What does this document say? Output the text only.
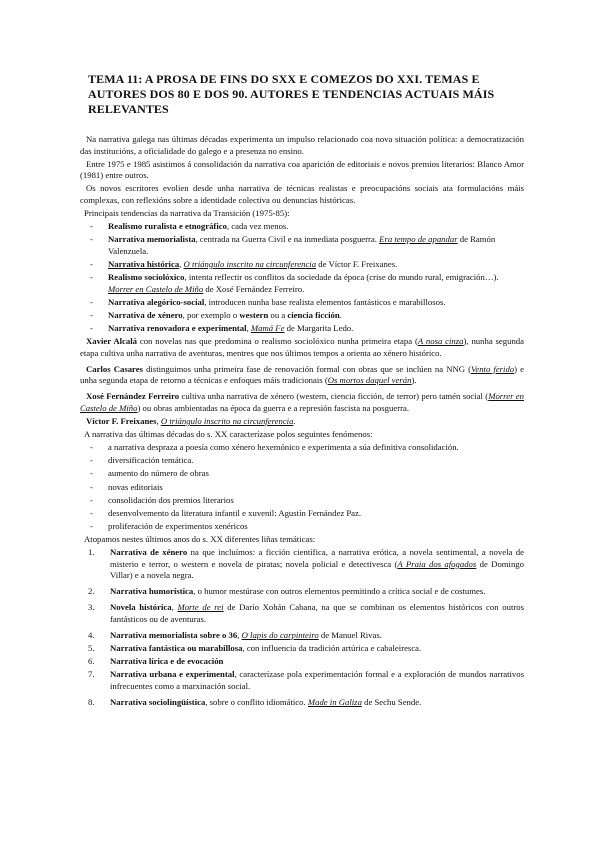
TEMA 11: A PROSA DE FINS DO SXX E COMEZOS DO XXI. TEMAS E AUTORES DOS 80 E DOS 90. AUTORES E TENDENCIAS ACTUAIS MÁIS RELEVANTES

Na narrativa galega nas últimas décadas experimenta un impulso relacionado coa nova situación política: a democratización das institucións, a oficialidade do galego e a presenza no ensino.

Entre 1975 e 1985 asistimos á consolidación da narrativa coa aparición de editoriais e novos premios literarios: Blanco Amor (1981) entre outros.

Os novos escritores evolien desde unha narrativa de técnicas realistas e preocupacións sociais ata formulacións máis complexas, con reflexións sobre a identidade colectiva ou denuncias históricas.

Principais tendencias da narrativa da Transición (1975-85):

- Realismo ruralista e etnográfico, cada vez menos.
- Narrativa memorialista, centrada na Guerra Civil e na inmediata posguerra. Era tempo de apandar de Ramón Valenzuela.
- Narrativa histórica, O triángulo inscrito na circunferencia de Víctor F. Freixanes.
- Realismo sociolóxico, intenta reflectir os conflitos da sociedade da época (crise do mundo rural, emigración…). Morrer en Castelo de Miño de Xosé Fernández Ferreiro.
- Narrativa alegórico-social, introducen nunha base realista elementos fantásticos e marabillosos.
- Narrativa de xénero, por exemplo o western ou a ciencia ficción.
- Narrativa renovadora e experimental, Mamá Fe de Margarita Ledo.

Xavier Alcalá con novelas nas que predomina o realismo sociolóxico nunha primeira etapa (A nosa cinza), nunha segunda etapa cultiva unha narrativa de aventuras, mentres que nos últimos tempos a orienta ao xénero histórico.

Carlos Casares distinguimos unha primeira fase de renovación formal con obras que se inclúen na NNG (Vento ferido) e unha segunda etapa de retorno a técnicas e enfoques máis tradicionais (Os mortos daquel verán).

Xosé Fernández Ferreiro cultiva unha narrativa de xénero (western, ciencia ficción, de terror) pero tamén social (Morrer en Castelo de Miño) ou obras ambientadas na época da guerra e a represión fascista na posguerra.

Víctor F. Freixanes, O triángulo inscrito na circunferencia.

A narrativa das últimas décadas do s. XX caracterízase polos seguintes fenómenos:

- a narrativa despraza a poesía como xénero hexemónico e experimenta a súa definitiva consolidación.
- diversificación temática.
- aumento do número de obras
- novas editoriais
- consolidación dos premios literarios
- desenvolvemento da literatura infantil e xuvenil: Agustín Fernández Paz.
- proliferación de experimentos xenéricos

Atopamos nestes últimos anos do s. XX diferentes liñas temáticas:

1. Narrativa de xénero na que incluímos: a ficción científica, a narrativa erótica, a novela sentimental, a novela de misterio e terror, o western e novela de piratas; novela policial e detectivesca (A Praia dos afogados de Domingo Villar) e a novela negra.
2. Narrativa humorística, o humor mestúrase con outros elementos permitindo a crítica social e de costumes.
3. Novela histórica, Morte de rei de Darío Xohán Cabana, na que se combinan os elementos históricos con outros fantásticos ou de aventuras.
4. Narrativa memorialista sobre o 36, O lapis do carpinteiro de Manuel Rivas.
5. Narrativa fantástica ou marabillosa, con influencia da tradición artúrica e cabaleiresca.
6. Narrativa lírica e de evocación
7. Narrativa urbana e experimental, caracterízase pola experimentación formal e a exploración de mundos narrativos infrecuentes como a marxinación social.
8. Narrativa sociolingüística, sobre o conflito idiomático. Made in Galiza de Sechu Sende.
